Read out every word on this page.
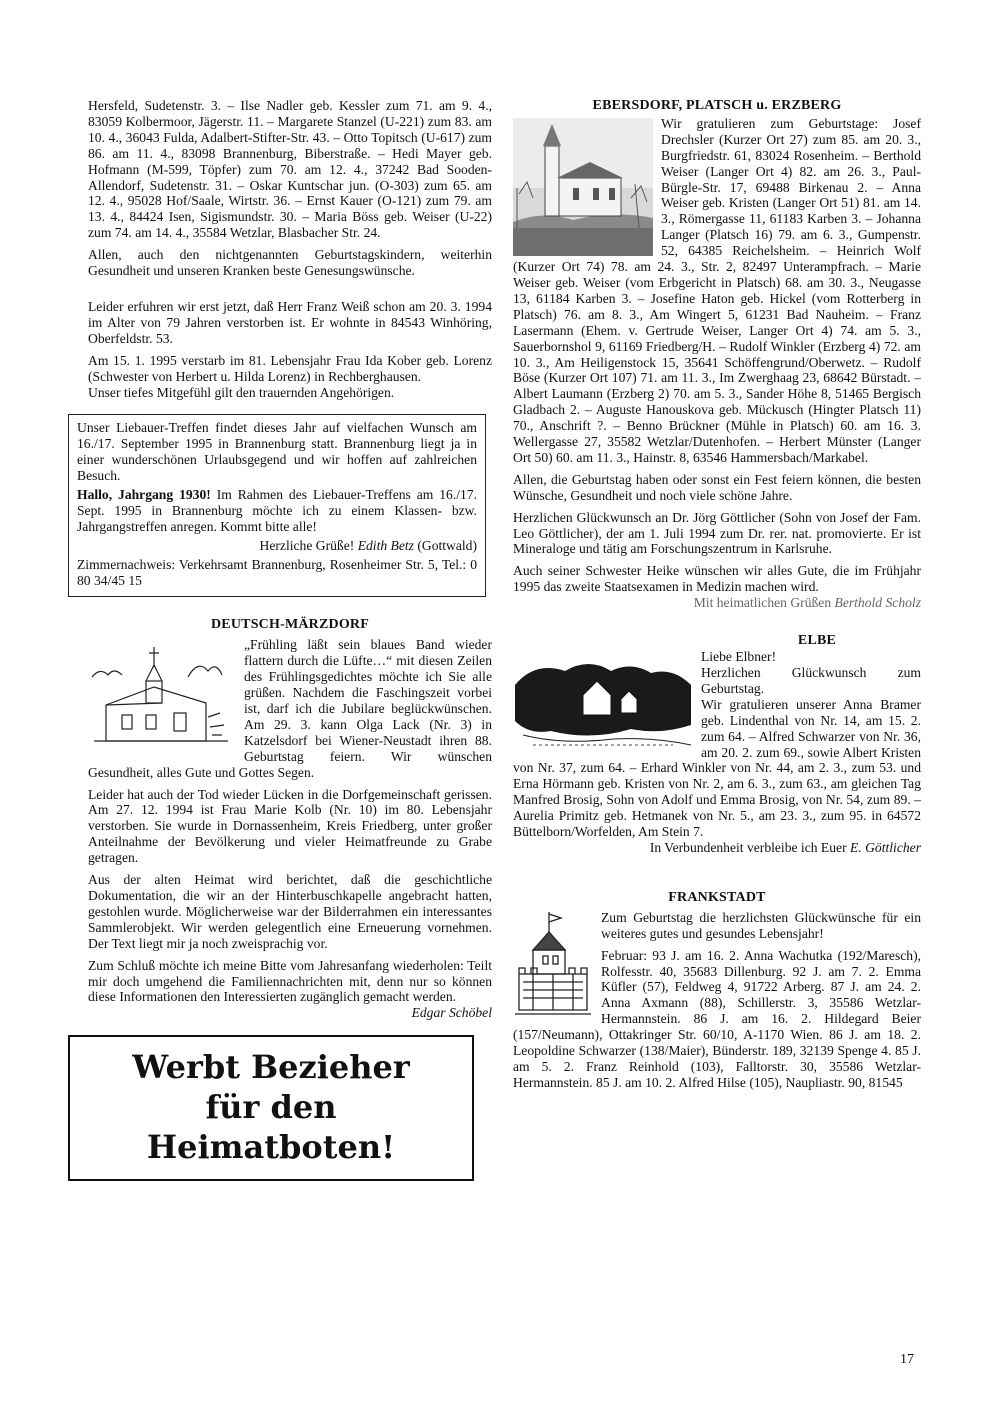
Hersfeld, Sudetenstr. 3. – Ilse Nadler geb. Kessler zum 71. am 9. 4., 83059 Kolbermoor, Jägerstr. 11. – Margarete Stanzel (U-221) zum 83. am 10. 4., 36043 Fulda, Adalbert-Stifter-Str. 43. – Otto Topitsch (U-617) zum 86. am 11. 4., 83098 Brannenburg, Biberstraße. – Hedi Mayer geb. Hofmann (M-599, Töpfer) zum 70. am 12. 4., 37242 Bad Sooden-Allendorf, Sudetenstr. 31. – Oskar Kuntschar jun. (O-303) zum 65. am 12. 4., 95028 Hof/Saale, Wirtstr. 36. – Ernst Kauer (O-121) zum 79. am 13. 4., 84424 Isen, Sigismundstr. 30. – Maria Böss geb. Weiser (U-22) zum 74. am 14. 4., 35584 Wetzlar, Blasbacher Str. 24.

Allen, auch den nichtgenannten Geburtstagskindern, weiterhin Gesundheit und unseren Kranken beste Genesungswünsche.

Leider erfuhren wir erst jetzt, daß Herr Franz Weiß schon am 20. 3. 1994 im Alter von 79 Jahren verstorben ist. Er wohnte in 84543 Winhöring, Oberfeldstr. 53.

Am 15. 1. 1995 verstarb im 81. Lebensjahr Frau Ida Kober geb. Lorenz (Schwester von Herbert u. Hilda Lorenz) in Rechberghausen.

Unser tiefes Mitgefühl gilt den trauernden Angehörigen.

Unser Liebauer-Treffen findet dieses Jahr auf vielfachen Wunsch am 16./17. September 1995 in Brannenburg statt. Brannenburg liegt ja in einer wunderschönen Urlaubsgegend und wir hoffen auf zahlreichen Besuch.

Hallo, Jahrgang 1930! Im Rahmen des Liebauer-Treffens am 16./17. Sept. 1995 in Brannenburg möchte ich zu einem Klassen- bzw. Jahrgangstreffen anregen. Kommt bitte alle!

Herzliche Grüße! Edith Betz (Gottwald)

Zimmernachweis: Verkehrsamt Brannenburg, Rosenheimer Str. 5, Tel.: 0 80 34/45 15

DEUTSCH-MÄRZDORF

„Frühling läßt sein blaues Band wieder flattern durch die Lüfte…“ mit diesen Zeilen des Frühlingsgedichtes möchte ich Sie alle grüßen. Nachdem die Faschingszeit vorbei ist, darf ich die Jubilare beglückwünschen. Am 29. 3. kann Olga Lack (Nr. 3) in Katzelsdorf bei Wiener-Neustadt ihren 88. Geburtstag feiern. Wir wünschen Gesundheit, alles Gute und Gottes Segen.

Leider hat auch der Tod wieder Lücken in die Dorfgemeinschaft gerissen. Am 27. 12. 1994 ist Frau Marie Kolb (Nr. 10) im 80. Lebensjahr verstorben. Sie wurde in Dornassenheim, Kreis Friedberg, unter großer Anteilnahme der Bevölkerung und vieler Heimatfreunde zu Grabe getragen.

Aus der alten Heimat wird berichtet, daß die geschichtliche Dokumentation, die wir an der Hinterbuschkapelle angebracht hatten, gestohlen wurde. Möglicherweise war der Bilderrahmen ein interessantes Sammlerobjekt. Wir werden gelegentlich eine Erneuerung vornehmen. Der Text liegt mir ja noch zweisprachig vor.

Zum Schluß möchte ich meine Bitte vom Jahresanfang wiederholen: Teilt mir doch umgehend die Familiennachrichten mit, denn nur so können diese Informationen den Interessierten zugänglich gemacht werden.
Edgar Schöbel

Werbt Bezieher
für den
Heimatboten!
EBERSDORF, PLATSCH u. ERZBERG

Wir gratulieren zum Geburtstage: Josef Drechsler (Kurzer Ort 27) zum 85. am 20. 3., Burgfriedstr. 61, 83024 Rosenheim. – Berthold Weiser (Langer Ort 4) 82. am 26. 3., Paul-Bürgle-Str. 17, 69488 Birkenau 2. – Anna Weiser geb. Kristen (Langer Ort 51) 81. am 14. 3., Römergasse 11, 61183 Karben 3. – Johanna Langer (Platsch 16) 79. am 6. 3., Gumpenstr. 52, 64385 Reichelsheim. – Heinrich Wolf (Kurzer Ort 74) 78. am 24. 3., Str. 2, 82497 Unterampfrach. – Marie Weiser geb. Weiser (vom Erbgericht in Platsch) 68. am 30. 3., Neugasse 13, 61184 Karben 3. – Josefine Haton geb. Hickel (vom Rotterberg in Platsch) 76. am 8. 3., Am Wingert 5, 61231 Bad Nauheim. – Franz Lasermann (Ehem. v. Gertrude Weiser, Langer Ort 4) 74. am 5. 3., Sauerbornshol 9, 61169 Friedberg/H. – Rudolf Winkler (Erzberg 4) 72. am 10. 3., Am Heiligenstock 15, 35641 Schöffengrund/Oberwetz. – Rudolf Böse (Kurzer Ort 107) 71. am 11. 3., Im Zwerghaag 23, 68642 Bürstadt. – Albert Laumann (Erzberg 2) 70. am 5. 3., Sander Höhe 8, 51465 Bergisch Gladbach 2. – Auguste Hanouskova geb. Mückusch (Hingter Platsch 11) 70., Anschrift ?. – Benno Brückner (Mühle in Platsch) 60. am 16. 3. Wellergasse 27, 35582 Wetzlar/Dutenhofen. – Herbert Münster (Langer Ort 50) 60. am 11. 3., Hainstr. 8, 63546 Hammersbach/Markabel.

Allen, die Geburtstag haben oder sonst ein Fest feiern können, die besten Wünsche, Gesundheit und noch viele schöne Jahre.

Herzlichen Glückwunsch an Dr. Jörg Göttlicher (Sohn von Josef der Fam. Leo Göttlicher), der am 1. Juli 1994 zum Dr. rer. nat. promovierte. Er ist Mineraloge und tätig am Forschungszentrum in Karlsruhe.

Auch seiner Schwester Heike wünschen wir alles Gute, die im Frühjahr 1995 das zweite Staatsexamen in Medizin machen wird.
Mit heimatlichen Grüßen Berthold Scholz

ELBE

Liebe Elbner!

Herzlichen Glückwunsch zum Geburtstag.

Wir gratulieren unserer Anna Bramer geb. Lindenthal von Nr. 14, am 15. 2. zum 64. – Alfred Schwarzer von Nr. 36, am 20. 2. zum 69., sowie Albert Kristen von Nr. 37, zum 64. – Erhard Winkler von Nr. 44, am 2. 3., zum 53. und Erna Hörmann geb. Kristen von Nr. 2, am 6. 3., zum 63., am gleichen Tag Manfred Brosig, Sohn von Adolf und Emma Brosig, von Nr. 54, zum 89. – Aurelia Primitz geb. Hetmanek von Nr. 5., am 23. 3., zum 95. in 64572 Büttelborn/Worfelden, Am Stein 7.

In Verbundenheit verbleibe ich Euer E. Göttlicher

FRANKSTADT

Zum Geburtstag die herzlichsten Glückwünsche für ein weiteres gutes und gesundes Lebensjahr!

Februar: 93 J. am 16. 2. Anna Wachutka (192/Maresch), Rolfesstr. 40, 35683 Dillenburg. 92 J. am 7. 2. Emma Küfler (57), Feldweg 4, 91722 Arberg. 87 J. am 24. 2. Anna Axmann (88), Schillerstr. 3, 35586 Wetzlar-Hermannstein. 86 J. am 16. 2. Hildegard Beier (157/Neumann), Ottakringer Str. 60/10, A-1170 Wien. 86 J. am 18. 2. Leopoldine Schwarzer (138/Maier), Bünderstr. 189, 32139 Spenge 4. 85 J. am 5. 2. Franz Reinhold (103), Falltorstr. 30, 35586 Wetzlar-Hermannstein. 85 J. am 10. 2. Alfred Hilse (105), Naupliastr. 90, 81545

17
